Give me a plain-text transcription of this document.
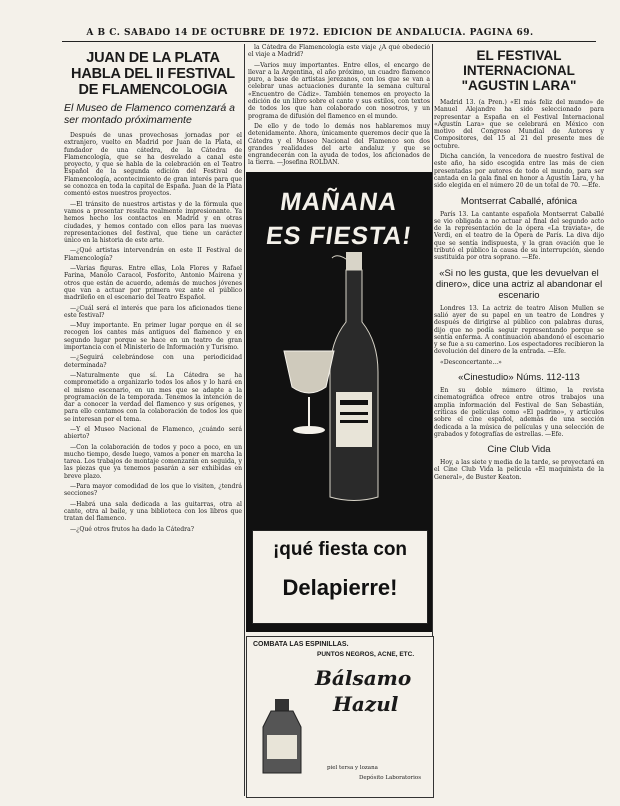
A B C. SABADO 14 DE OCTUBRE DE 1972. EDICION DE ANDALUCIA. PAGINA 69.
JUAN DE LA PLATA HABLA DEL II FESTIVAL DE FLAMENCOLOGIA
El Museo de Flamenco comenzará a ser montado próximamente

Después de unas provechosas jornadas por el extranjero, vuelto en Madrid por Juan de la Plata, el fundador de una cátedra, de la Cátedra de Flamencología, que se ha desvelado a canal este proyecto, y que se habla de la celebración en el Teatro Español de la segunda edición del Festival de Flamencología, acontecimiento de gran interés para que se conozca en toda la capital de España. Juan de la Plata comentó estos nuestros proyectos.

—El tránsito de nuestros artistas y de la fórmula que vamos a presentar resulta realmente impresionante. Ya hemos hecho los contactos en Madrid y en otras ciudades, y hemos contado con ellos para las nuevas representaciones del festival, que tiene un carácter único en la historia de este arte.

—¿Qué artistas intervendrán en este II Festival de Flamencología?

—Varias figuras. Entre ellas, Lola Flores y Rafael Farina, Manolo Caracol, Fosforito, Antonio Mairena y otros que están de acuerdo, además de muchos jóvenes que van a actuar por primera vez ante el público madrileño en el escenario del Teatro Español.

—¿Cuál será el interés que para los aficionados tiene este festival?

—Muy importante. En primer lugar porque en él se recogen los cantes más antiguos del flamenco y en segundo lugar porque se hace en un teatro de gran importancia con el Ministerio de Información y Turismo.

—¿Seguirá celebrándose con una periodicidad determinada?

—Naturalmente que sí. La Cátedra se ha comprometido a organizarlo todos los años y lo hará en el mismo escenario, en un mes que se adapte a la programación de la temporada. Tenemos la intención de dar a conocer la verdad del flamenco y sus orígenes, y para ello contamos con la colaboración de todos los que se interesan por el tema.

—Y el Museo Nacional de Flamenco, ¿cuándo será abierto?

—Con la colaboración de todos y poco a poco, en un mucho tiempo, desde luego, vamos a poner en marcha la tarea. Los trabajos de montaje comenzarán en seguida, y las piezas que ya tenemos pasarán a ser exhibidas en breve plazo.

—Para mayor comodidad de los que lo visiten, ¿tendrá secciones?

—Habrá una sala dedicada a las guitarras, otra al cante, otra al baile, y una biblioteca con los libros que tratan del flamenco.

—¿Qué otros frutos ha dado la Cátedra?

la Cátedra de Flamencología este viaje ¿A qué obedeció el viaje a Madrid?

—Varios muy importantes. Entre ellos, el encargo de llevar a la Argentina, el año próximo, un cuadro flamenco puro, a base de artistas jerezanos, con los que se van a celebrar unas actuaciones durante la semana cultural «Encuentro de Cádiz». También tenemos en proyecto la edición de un libro sobre el cante y sus estilos, con textos de todos los que han colaborado con nosotros, y un programa de difusión del flamenco en el mundo.

De ello y de todo lo demás nos hablaremos muy detenidamente. Ahora, únicamente queremos decir que la Cátedra y el Museo Nacional del Flamenco son dos grandes realidades del arte andaluz y que se engrandecerán con la ayuda de todos, los aficionados de la tierra. —Josefina ROLDAN.

MAÑANA
ES FIESTA!
¡qué fiesta con
Delapierre!
COMBATA LAS ESPINILLAS.
PUNTOS NEGROS, ACNE, ETC.
Bálsamo
Hazul
piel tersa y lozana
Depósito Laboratorios
EL FESTIVAL INTERNACIONAL "AGUSTIN LARA"

Madrid 13. (a Pren.) «El más feliz del mundo» de Manuel Alejandre ha sido seleccionado para representar a España en el Festival Internacional «Agustín Lara» que se celebrará en México con motivo del Congreso Mundial de Autores y Compositores, del 15 al 21 del presente mes de octubre.

Dicha canción, la vencedora de nuestro festival de este año, ha sido escogida entre las más de cien presentadas por autores de todo el mundo, para ser cantada en la gala final en honor a Agustín Lara, y ha sido elegida en el número 20 de un total de 70. —Efe.

Montserrat Caballé, afónica

París 13. La cantante española Montserrat Caballé se vio obligada a no actuar al final del segundo acto de la representación de la ópera «La traviata», de Verdi, en el teatro de la Ópera de París. La diva dijo que se sentía indispuesta, y la gran ovación que le tributó el público la causa de su interrupción, siendo sustituida por otra soprano. —Efe.

«Si no les gusta, que les devuelvan el dinero», dice una actriz al abandonar el escenario

Londres 13. La actriz de teatro Alison Mullen se salió ayer de su papel en un teatro de Londres y después de dirigirse al público con palabras duras, dijo que no podía seguir representando porque se sentía enferma. A continuación abandonó el escenario y se fue a su camerino. Los espectadores recibieron la devolución del dinero de la entrada. —Efe.

«Desconcertante...»

«Cinestudio» Núms. 112-113

En su doble número último, la revista cinematográfica ofrece entre otros trabajos una amplia información del Festival de San Sebastián, críticas de películas como «El padrino», y artículos sobre el cine español, además de una sección dedicada a la música de películas y una selección de grabados y fotografías de estrellas. —Efe.

Cine Club Vida

Hoy, a las siete y media de la tarde, se proyectará en el Cine Club Vida la película «El maquinista de la General», de Buster Keaton.
